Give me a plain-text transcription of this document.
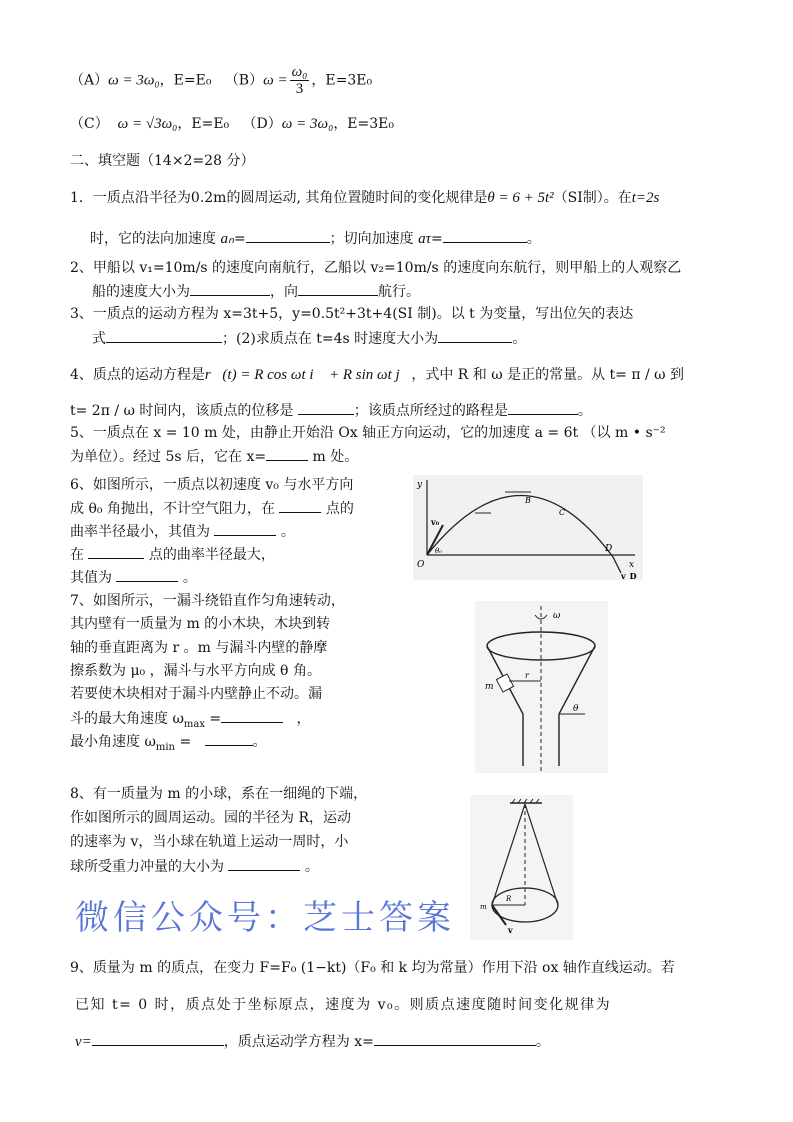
（A）ω = 3ω₀，E=E₀ $(B)\omega = \frac{\text{ω₀}}{3}$ ，E=3E₀
（C） ω = √3ω₀，E=E₀ （D）ω = 3ω₀，E=3E₀
二、填空题（14×2=28 分）
1．一质点沿半径为0.2m的圆周运动, 其角位置随时间的变化规律是θ = 6 + 5t²（SI制）。在t=2s
时，它的法向加速度 aₙ=	；切向加速度 aτ=	。
2、甲船以 v₁=10m/s 的速度向南航行，乙船以 v₂=10m/s 的速度向东航行，则甲船上的人观察乙
船的速度大小为	，向	航行。
3、一质点的运动方程为 x=3t+5，y=0.5t²+3t+4(SI 制)。以 t 为变量，写出位矢的表达
式	；(2)求质点在 t=4s 时速度大小为	。
4、质点的运动方程是r⃗(t) = R cos ωt i⃗ + R sin ωt j⃗，式中 R 和 ω 是正的常量。从 t= π / ω 到
t= 2π / ω 时间内，该质点的位移是	；该质点所经过的路程是	。
5、一质点在 x = 10 m 处，由静止开始沿 Ox 轴正方向运动，它的加速度 a = 6t （以 m • s⁻²
为单位）。经过 5s 后，它在 x=	m 处。
6、如图所示，一质点以初速度 v₀ 与水平方向
成 θ₀ 角抛出，不计空气阻力，在	点的
曲率半径最小，其值为	。
在	点的曲率半径最大，
其值为	。
7、如图所示，一漏斗绕铅直作匀角速转动，
其内壁有一质量为 m 的小木块，木块到转
轴的垂直距离为 r 。m 与漏斗内壁的静摩
擦系数为 μ₀ ，漏斗与水平方向成 θ 角。
若要使木块相对于漏斗内壁静止不动。漏
斗的最大角速度 $\omega_{max}$ =	，
最小角速度 $\omega_{min}$ =	。
8、有一质量为 m 的小球，系在一细绳的下端，
作如图所示的圆周运动。园的半径为 R，运动
的速率为 v，当小球在轨道上运动一周时，小
球所受重力冲量的大小为	。
9、质量为 m 的质点，在变力 F=F₀ (1−kt)（F₀ 和 k 均为常量）作用下沿 ox 轴作直线运动。若
已知 t= 0 时，质点处于坐标原点，速度为 v₀。则质点速度随时间变化规律为
v=	，质点运动学方程为 x=	。
y
x
O
B
C
D
v₀
v_D
θ₀
ω
m
r
θ
m
R
v
微信公众号：芝士答案
